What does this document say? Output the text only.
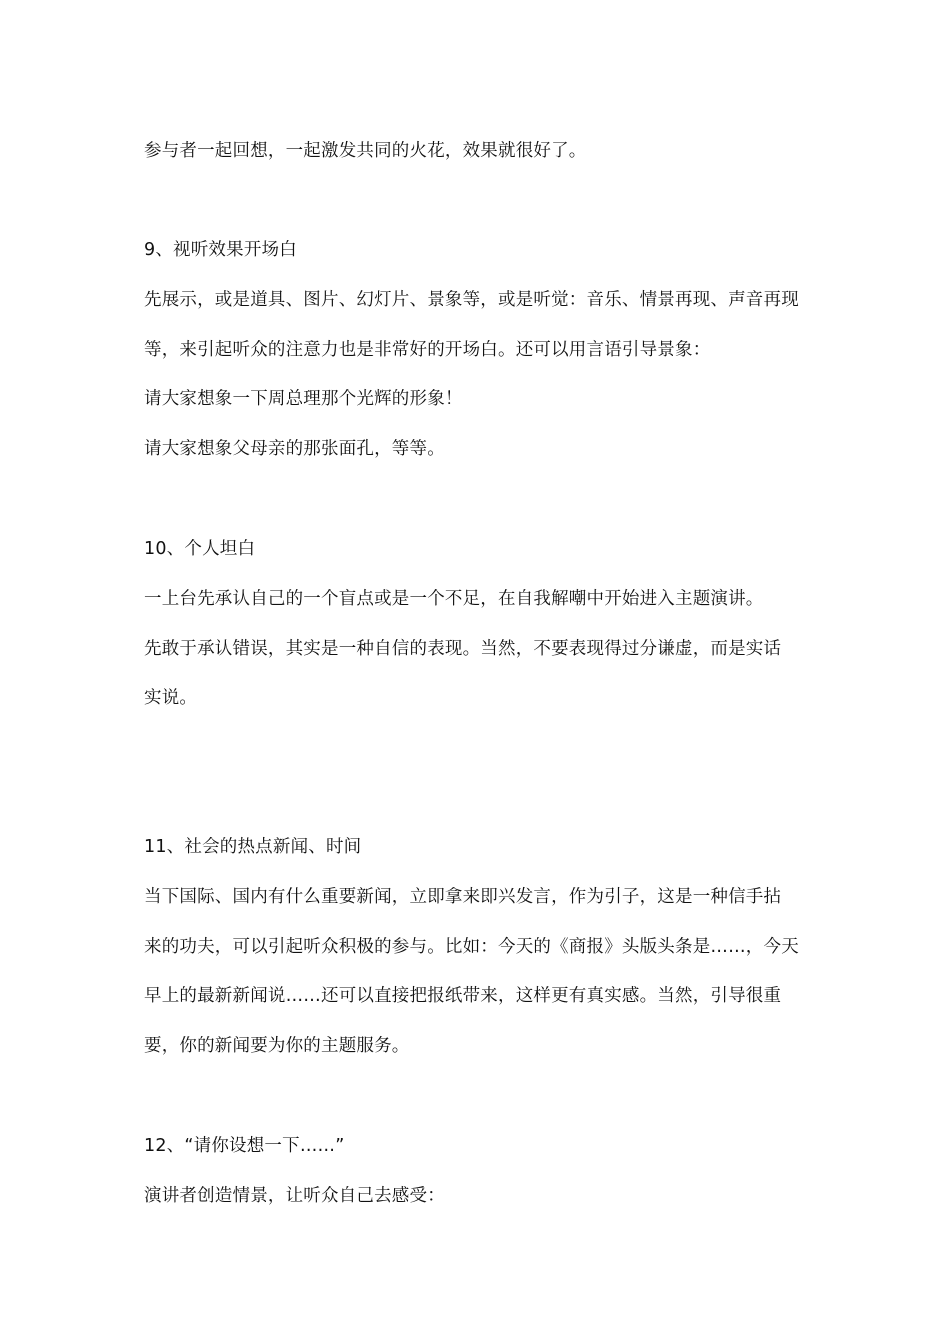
参与者一起回想，一起激发共同的火花，效果就很好了。
9、视听效果开场白
先展示，或是道具、图片、幻灯片、景象等，或是听觉：音乐、情景再现、声音再现
等，来引起听众的注意力也是非常好的开场白。还可以用言语引导景象：
请大家想象一下周总理那个光辉的形象！
请大家想象父母亲的那张面孔，等等。
10、个人坦白
一上台先承认自己的一个盲点或是一个不足，在自我解嘲中开始进入主题演讲。
先敢于承认错误，其实是一种自信的表现。当然，不要表现得过分谦虚，而是实话
实说。
11、社会的热点新闻、时间
当下国际、国内有什么重要新闻，立即拿来即兴发言，作为引子，这是一种信手拈
来的功夫，可以引起听众积极的参与。比如：今天的《商报》头版头条是……，今天
早上的最新新闻说……还可以直接把报纸带来，这样更有真实感。当然，引导很重
要，你的新闻要为你的主题服务。
12、“请你设想一下……”
演讲者创造情景，让听众自己去感受：
